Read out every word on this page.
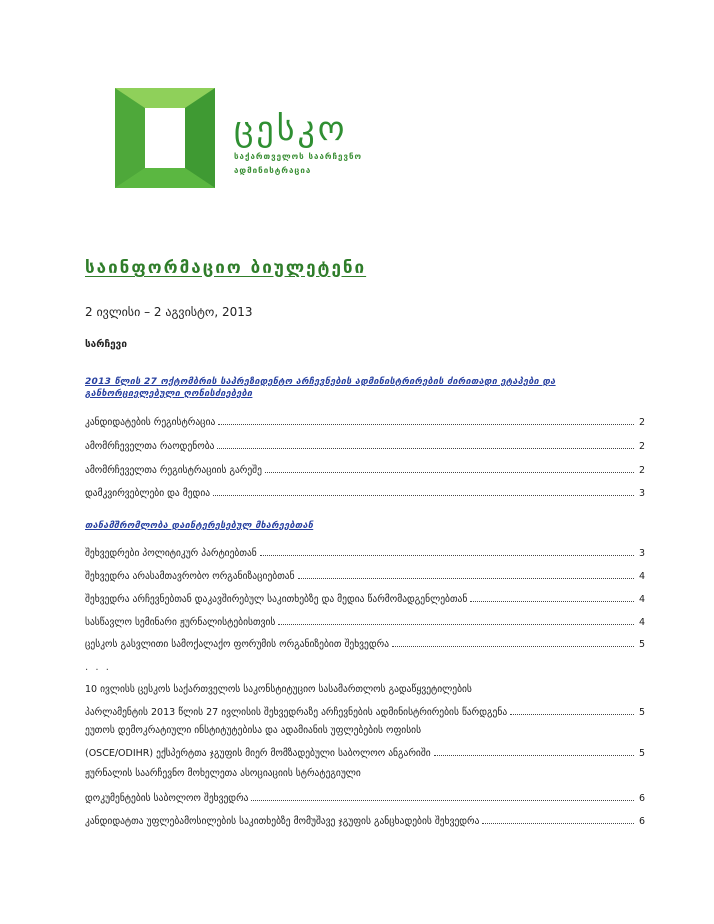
ცესკო
საქართველოს საარჩევნო
ადმინისტრაცია
საინფორმაციო ბიულეტენი
2 ივლისი – 2 აგვისტო, 2013
სარჩევი
2013 წლის 27 ოქტომბრის საპრეზიდენტო არჩევნების ადმინისტრირების ძირითადი ეტაპები და განხორციელებული ღონისძიებები
კანდიდატების რეგისტრაცია	2
ამომრჩეველთა რაოდენობა	2
ამომრჩეველთა რეგისტრაციის გარეშე	2
დამკვირვებლები და მედია	3
თანამშრომლობა დაინტერესებულ მხარეებთან
შეხვედრები პოლიტიკურ პარტიებთან	3
შეხვედრა არასამთავრობო ორგანიზაციებთან	4
შეხვედრა არჩევნებთან დაკავშირებულ საკითხებზე და მედია წარმომადგენლებთან	4
სასწავლო სემინარი ჟურნალისტებისთვის	4
ცესკოს გასვლითი სამოქალაქო ფორუმის ორგანიზებით შეხვედრა	5
. . .
10 ივლისს ცესკოს საქართველოს საკონსტიტუციო სასამართლოს გადაწყვეტილების
პარლამენტის 2013 წლის 27 ივლისის შეხვედრაზე არჩევნების ადმინისტრირების წარდგენა	5
ეუთოს დემოკრატიული ინსტიტუტებისა და ადამიანის უფლებების ოფისის
(OSCE/ODIHR) ექსპერტთა ჯგუფის მიერ მომზადებული საბოლოო ანგარიში	5
ჟურნალის საარჩევნო მოხელეთა ასოციაციის სტრატეგიული
დოკუმენტების საბოლოო შეხვედრა	6
კანდიდატთა უფლებამოსილების საკითხებზე მომუშავე ჯგუფის განცხადების შეხვედრა	6
